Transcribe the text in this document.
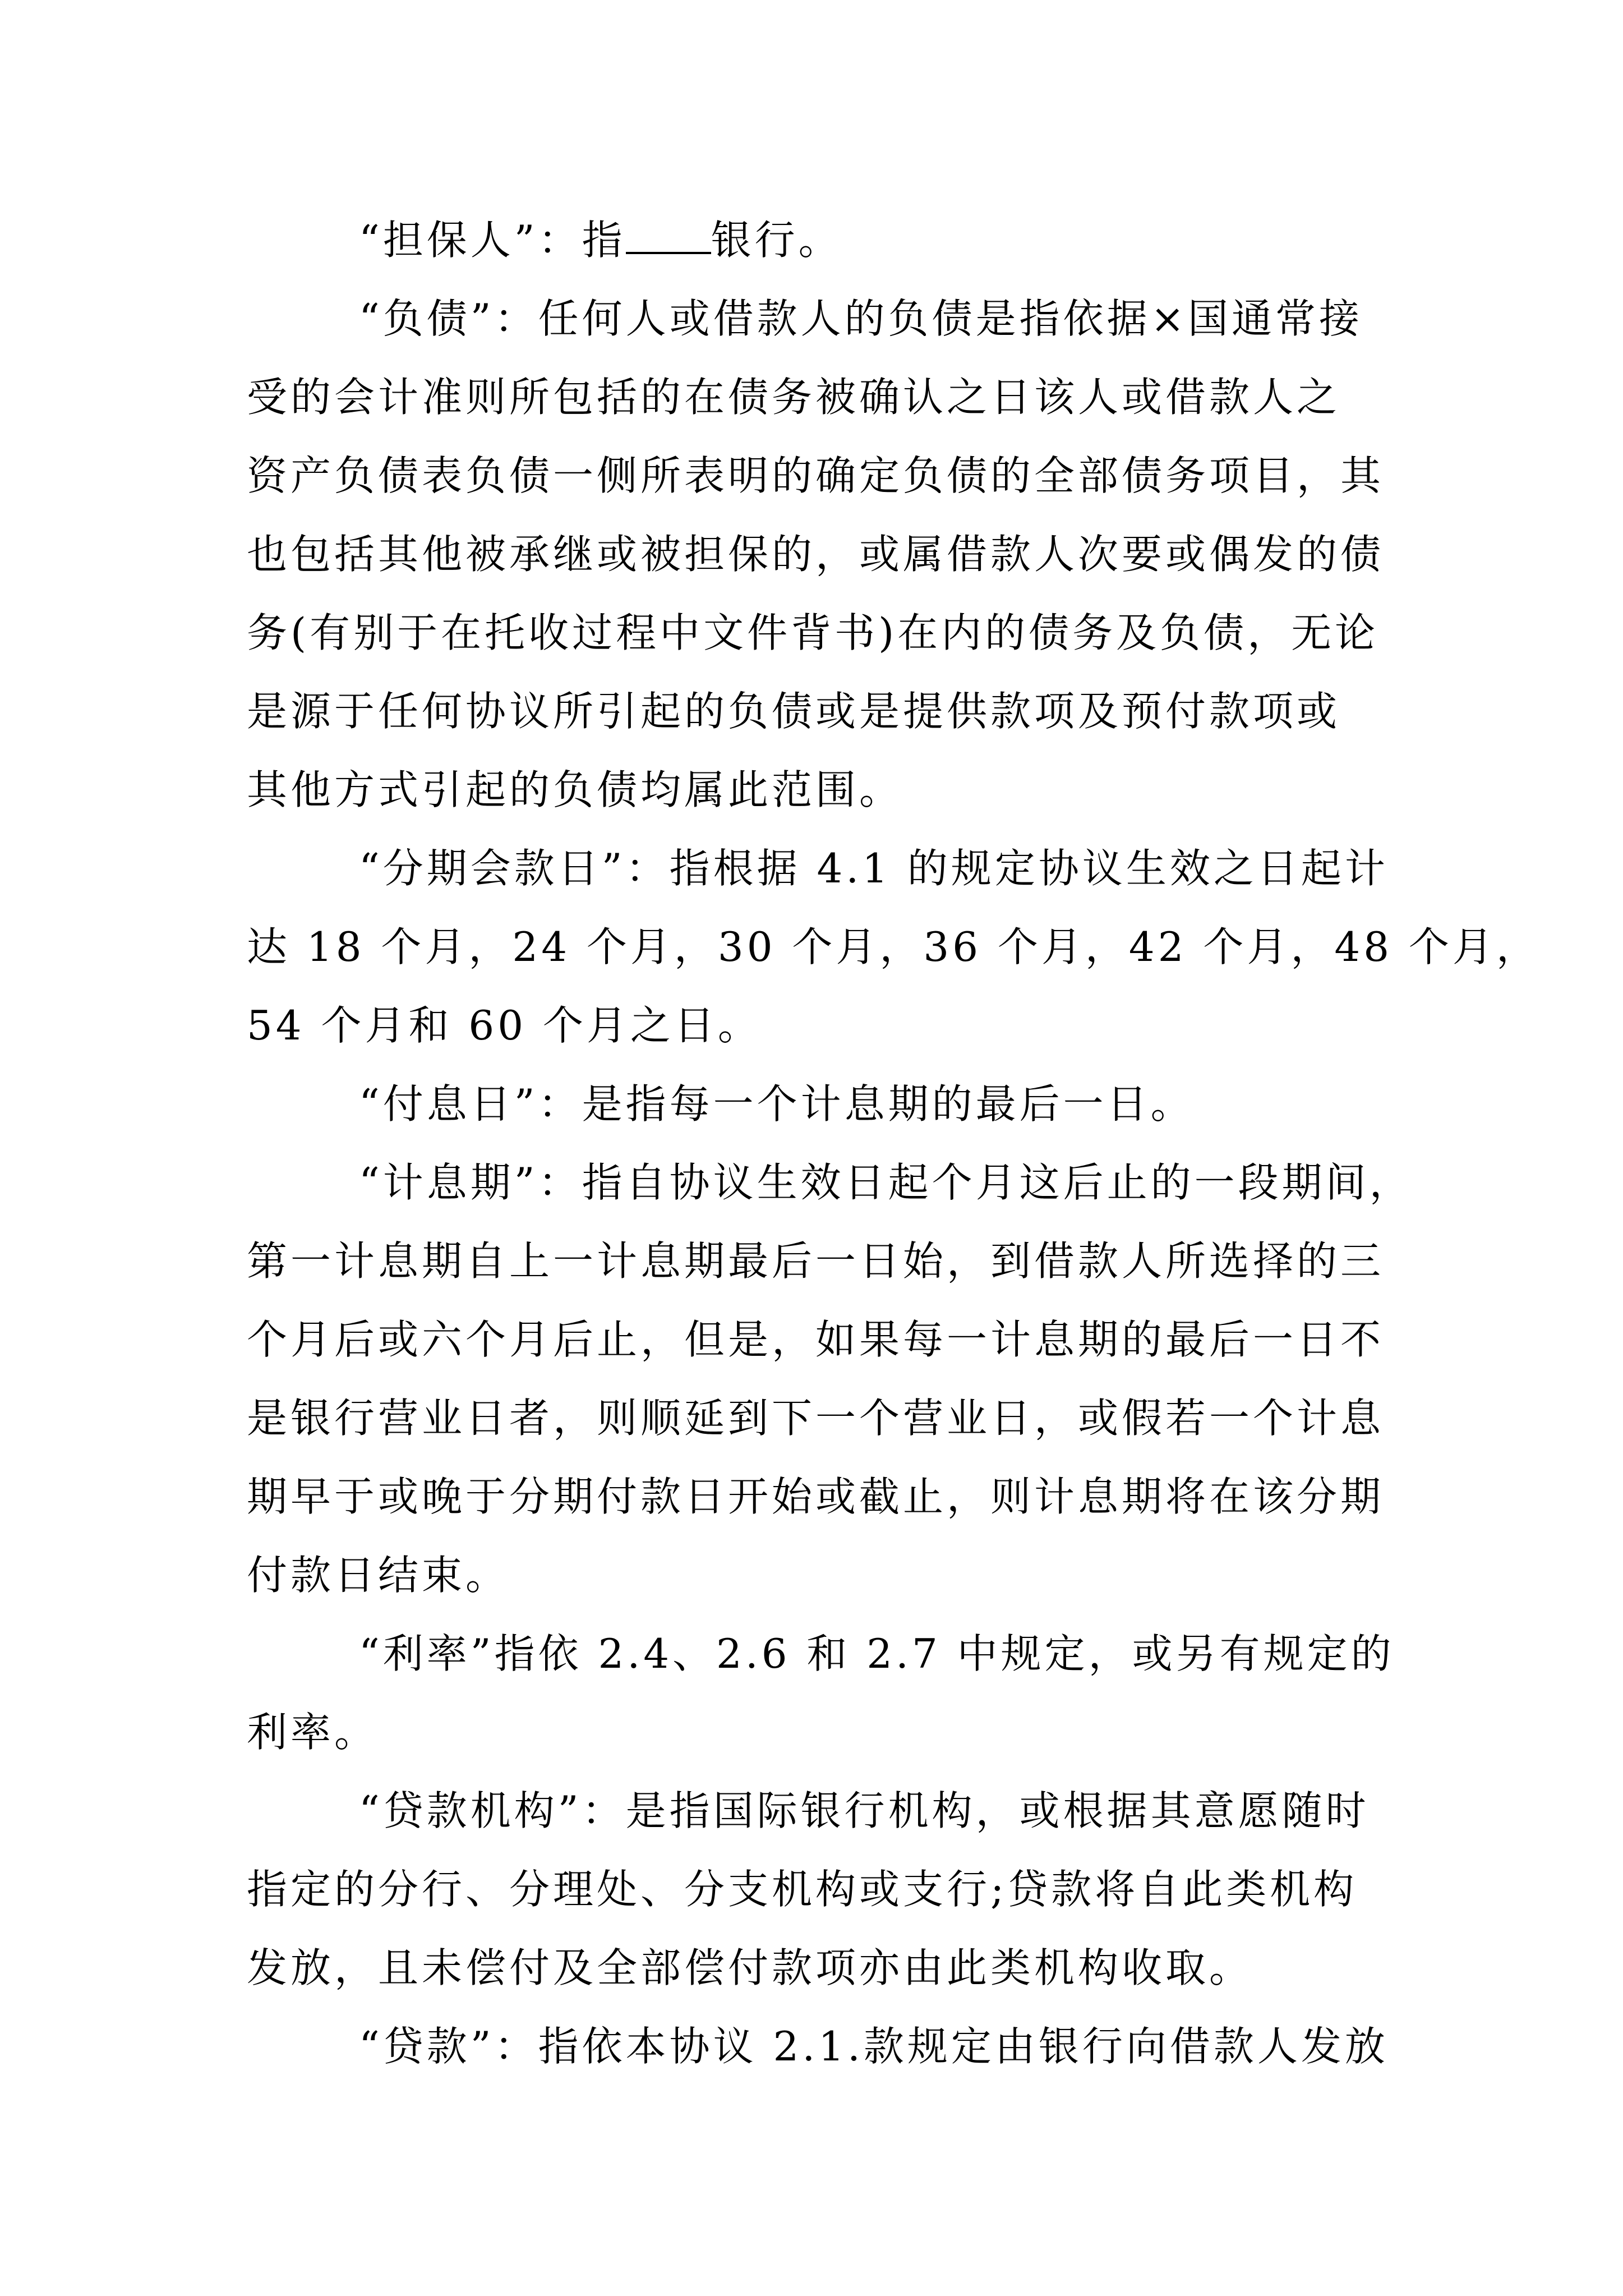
“担保人”：指 银行。
“负债”：任何人或借款人的负债是指依据×国通常接
受的会计准则所包括的在债务被确认之日该人或借款人之
资产负债表负债一侧所表明的确定负债的全部债务项目，其
也包括其他被承继或被担保的，或属借款人次要或偶发的债
务(有别于在托收过程中文件背书)在内的债务及负债，无论
是源于任何协议所引起的负债或是提供款项及预付款项或
其他方式引起的负债均属此范围。
“分期会款日”：指根据 4.1 的规定协议生效之日起计
达 18 个月，24 个月，30 个月，36 个月，42 个月，48 个月，
54 个月和 60 个月之日。
“付息日”：是指每一个计息期的最后一日。
“计息期”：指自协议生效日起个月这后止的一段期间，
第一计息期自上一计息期最后一日始，到借款人所选择的三
个月后或六个月后止，但是，如果每一计息期的最后一日不
是银行营业日者，则顺延到下一个营业日，或假若一个计息
期早于或晚于分期付款日开始或截止，则计息期将在该分期
付款日结束。
“利率”指依 2.4、2.6 和 2.7 中规定，或另有规定的
利率。
“贷款机构”：是指国际银行机构，或根据其意愿随时
指定的分行、分理处、分支机构或支行;贷款将自此类机构
发放，且未偿付及全部偿付款项亦由此类机构收取。
“贷款”：指依本协议 2.1.款规定由银行向借款人发放
